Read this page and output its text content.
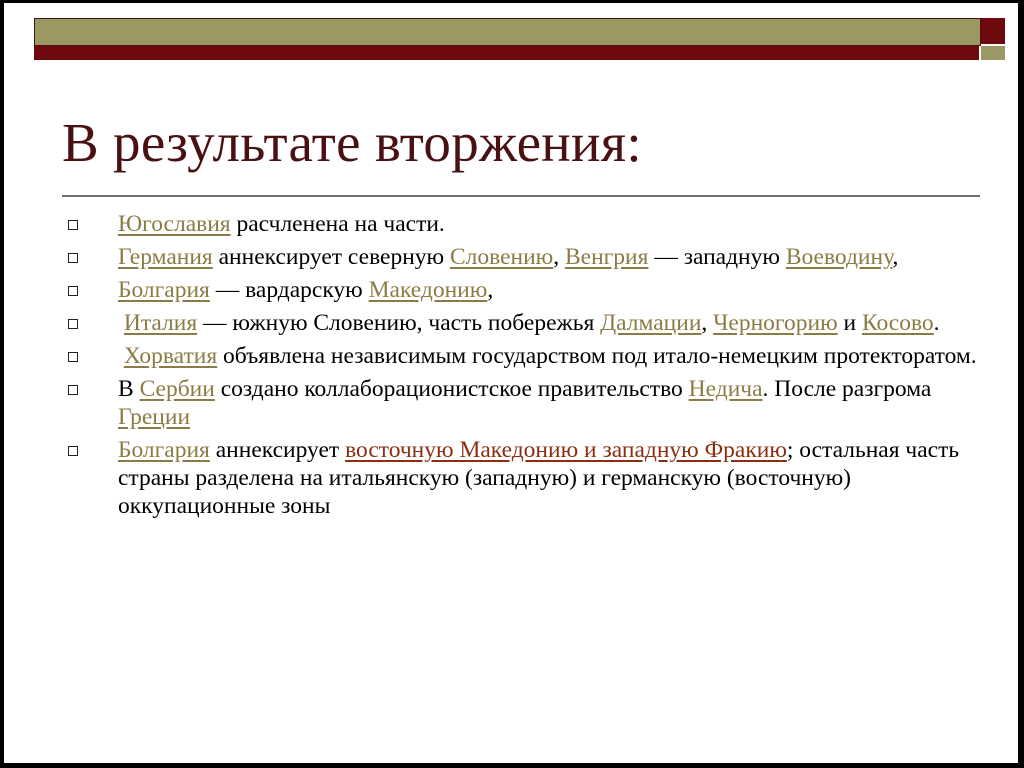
В результате вторжения:
Югославия расчленена на части.
Германия аннексирует северную Словению, Венгрия — западную Воеводину,
Болгария — вардарскую Македонию,
Италия — южную Словению, часть побережья Далмации, Черногорию и Косово.
Хорватия объявлена независимым государством под итало-немецким протекторатом.
В Сербии создано коллаборационистское правительство Недича. После разгрома Греции
Болгария аннексирует восточную Македонию и западную Фракию; остальная часть страны разделена на итальянскую (западную) и германскую (восточную) оккупационные зоны
